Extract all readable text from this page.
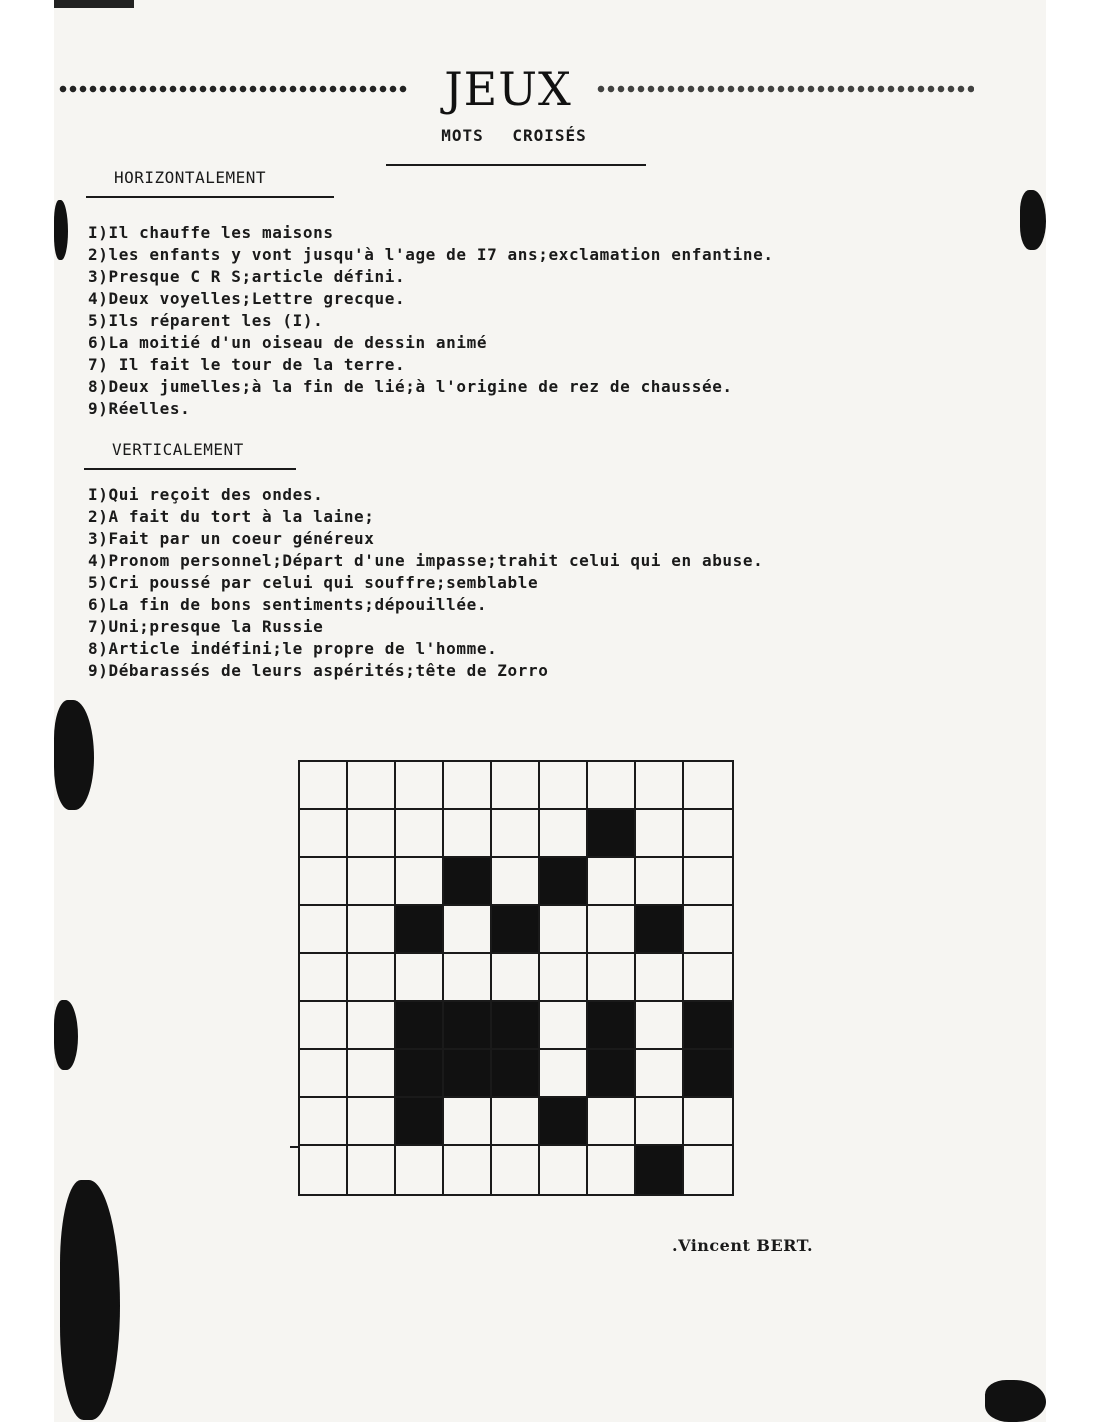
JEUX
MOTS CROISÉS
HORIZONTALEMENT
I)Il chauffe les maisons
2)les enfants y vont jusqu'à l'age de I7 ans;exclamation enfantine.
3)Presque C R S;article défini.
4)Deux voyelles;Lettre grecque.
5)Ils réparent les (I).
6)La moitié d'un oiseau de dessin animé
7) Il fait le tour de la terre.
8)Deux jumelles;à la fin de lié;à l'origine de rez de chaussée.
9)Réelles.
VERTICALEMENT
I)Qui reçoit des ondes.
2)A fait du tort à la laine;
3)Fait par un coeur généreux
4)Pronom personnel;Départ d'une impasse;trahit celui qui en abuse.
5)Cri poussé par celui qui souffre;semblable
6)La fin de bons sentiments;dépouillée.
7)Uni;presque la Russie
8)Article indéfini;le propre de l'homme.
9)Débarassés de leurs aspérités;tête de Zorro
.Vincent BERT.
